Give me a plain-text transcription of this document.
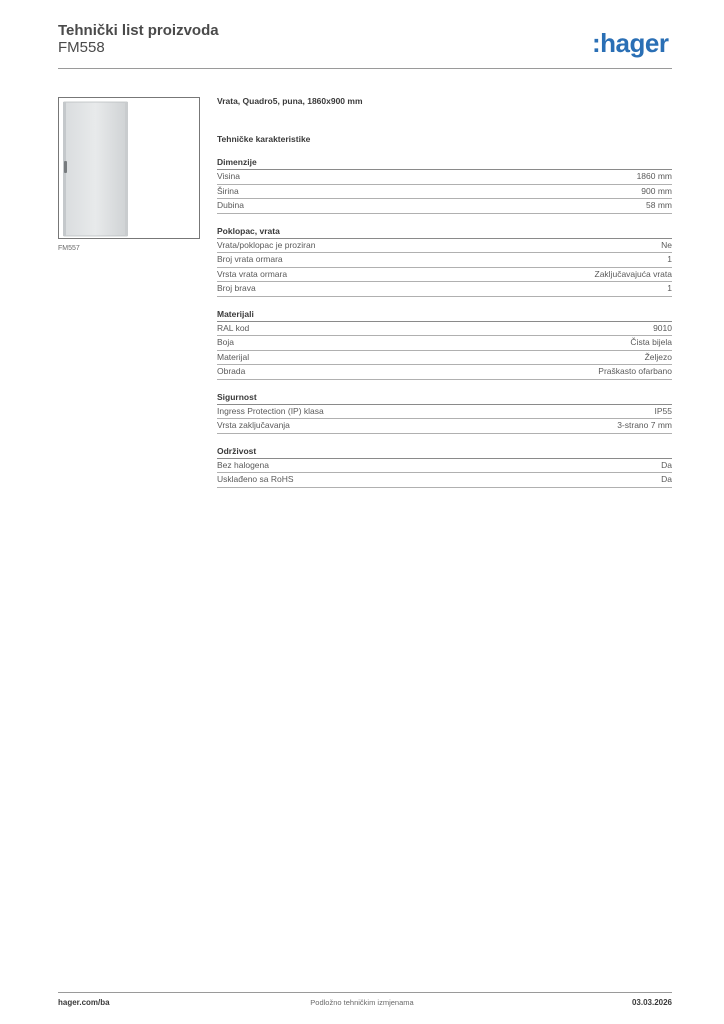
Tehnički list proizvoda
FM558	:hager
FM557
Vrata, Quadro5, puna, 1860x900 mm
Tehničke karakteristike
Dimenzije
Visina	1860 mm
Širina	900 mm
Dubina	58 mm
Poklopac, vrata
Vrata/poklopac je proziran	Ne
Broj vrata ormara	1
Vrsta vrata ormara	Zaključavajuća vrata
Broj brava	1
Materijali
RAL kod	9010
Boja	Čista bijela
Materijal	Željezo
Obrada	Praškasto ofarbano
Sigurnost
Ingress Protection (IP) klasa	IP55
Vrsta zaključavanja	3-strano 7 mm
Održivost
Bez halogena	Da
Usklađeno sa RoHS	Da
hager.com/ba	Podložno tehničkim izmjenama	03.03.2026
